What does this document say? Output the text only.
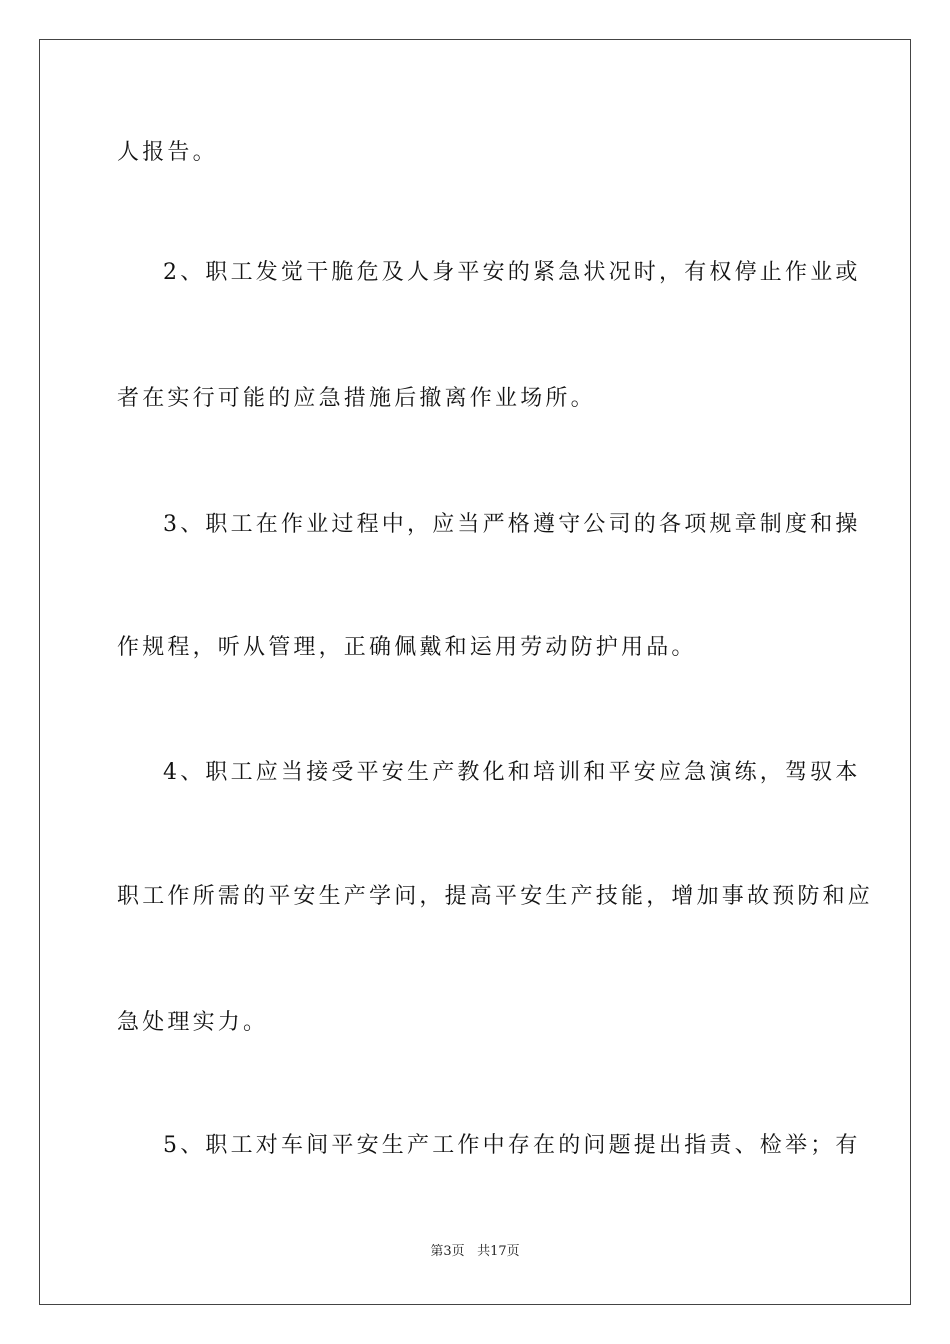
人报告。
2、职工发觉干脆危及人身平安的紧急状况时，有权停止作业或
者在实行可能的应急措施后撤离作业场所。
3、职工在作业过程中，应当严格遵守公司的各项规章制度和操
作规程，听从管理，正确佩戴和运用劳动防护用品。
4、职工应当接受平安生产教化和培训和平安应急演练，驾驭本
职工作所需的平安生产学问，提高平安生产技能，增加事故预防和应
急处理实力。
5、职工对车间平安生产工作中存在的问题提出指责、检举；有
第3页 共17页
